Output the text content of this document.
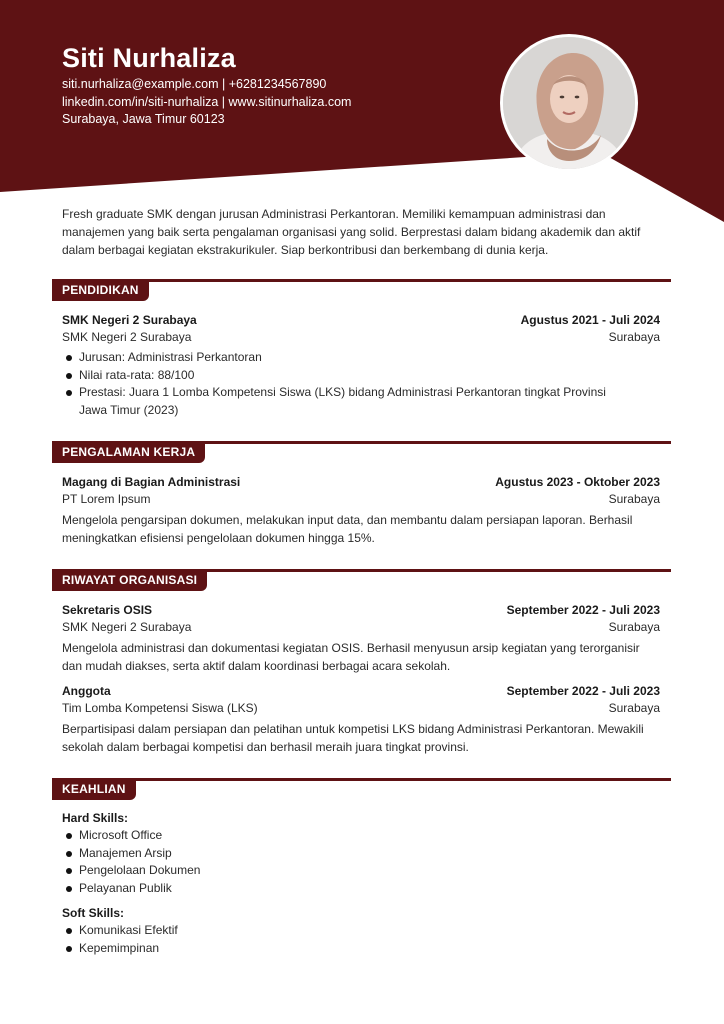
Siti Nurhaliza
siti.nurhaliza@example.com | +6281234567890
linkedin.com/in/siti-nurhaliza | www.sitinurhaliza.com
Surabaya, Jawa Timur 60123
Fresh graduate SMK dengan jurusan Administrasi Perkantoran. Memiliki kemampuan administrasi dan manajemen yang baik serta pengalaman organisasi yang solid. Berprestasi dalam bidang akademik dan aktif dalam berbagai kegiatan ekstrakurikuler. Siap berkontribusi dan berkembang di dunia kerja.
PENDIDIKAN
SMK Negeri 2 Surabaya	Agustus 2021 - Juli 2024
SMK Negeri 2 Surabaya	Surabaya
Jurusan: Administrasi Perkantoran
Nilai rata-rata: 88/100
Prestasi: Juara 1 Lomba Kompetensi Siswa (LKS) bidang Administrasi Perkantoran tingkat Provinsi Jawa Timur (2023)
PENGALAMAN KERJA
Magang di Bagian Administrasi	Agustus 2023 - Oktober 2023
PT Lorem Ipsum	Surabaya
Mengelola pengarsipan dokumen, melakukan input data, dan membantu dalam persiapan laporan. Berhasil meningkatkan efisiensi pengelolaan dokumen hingga 15%.
RIWAYAT ORGANISASI
Sekretaris OSIS	September 2022 - Juli 2023
SMK Negeri 2 Surabaya	Surabaya
Mengelola administrasi dan dokumentasi kegiatan OSIS. Berhasil menyusun arsip kegiatan yang terorganisir dan mudah diakses, serta aktif dalam koordinasi berbagai acara sekolah.
Anggota	September 2022 - Juli 2023
Tim Lomba Kompetensi Siswa (LKS)	Surabaya
Berpartisipasi dalam persiapan dan pelatihan untuk kompetisi LKS bidang Administrasi Perkantoran. Mewakili sekolah dalam berbagai kompetisi dan berhasil meraih juara tingkat provinsi.
KEAHLIAN
Hard Skills:
Microsoft Office
Manajemen Arsip
Pengelolaan Dokumen
Pelayanan Publik
Soft Skills:
Komunikasi Efektif
Kepemimpinan
